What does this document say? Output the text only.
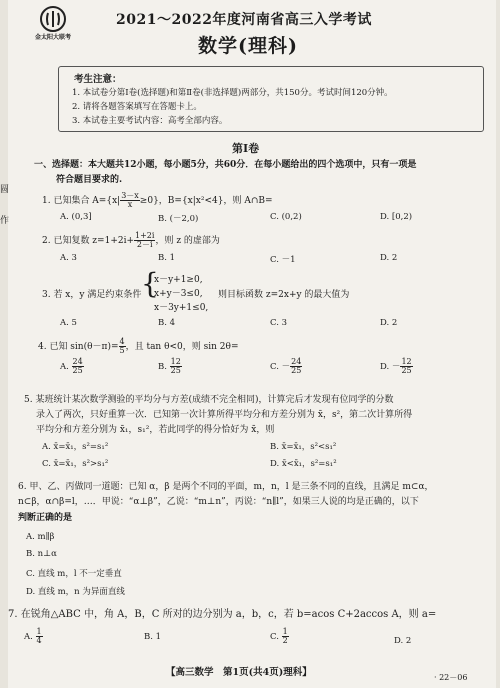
金太阳大联考
2021～2022年度河南省高三入学考试
数学(理科)
考生注意：
1. 本试卷分第Ⅰ卷(选择题)和第Ⅱ卷(非选择题)两部分，共150分。考试时间120分钟。
2. 请将各题答案填写在答题卡上。
3. 本试卷主要考试内容：高考全部内容。
第Ⅰ卷
一、选择题：本大题共12小题，每小题5分，共60分．在每小题给出的四个选项中，只有一项是
符合题目要求的.
1. 已知集合 $A=\{x| \frac{3-x}{x} \ge 0\}$，B={x|x²<4}，则 A∩B=
A. (0,3]	B. (－2,0)	C. (0,2)	D. [0,2)
2. 已知复数 $z=1+2i+ \frac{1+2i}{2-i}$ ，则 z 的虚部为
A. 3	B. 1	C. －1	D. 2
3. 若 x，y 满足约束条件 {
x－y+1≥0,
x+y－3≤0,
x－3y+1≤0,
则目标函数 z=2x+y 的最大值为
A. 5	B. 4	C. 3	D. 2
4. 已知 $\sin(\theta-\pi)= \frac{4}{5}$ ，且 tan θ<0，则 sin 2θ=
A. $\frac{24}{25}$	B. $\frac{12}{25}$	C. － $\frac{24}{25}$	D. － $\frac{12}{25}$
5. 某班统计某次数学测验的平均分与方差(成绩不完全相同)，计算完后才发现有位同学的分数
录入了两次，只好重算一次．已知第一次计算所得平均分和方差分别为 x̄，s²，第二次计算所得
平均分和方差分别为 x̄₁，s₁²，若此同学的得分恰好为 x̄，则
A. x̄=x̄₁，s²=s₁²	B. x̄=x̄₁，s²<s₁²
C. x̄=x̄₁，s²>s₁²	D. x̄<x̄₁，s²=s₁²
6. 甲、乙、丙做同一道题：已知 α，β 是两个不同的平面，m，n，l 是三条不同的直线，且满足 m⊂α，
n⊂β，α∩β=l，…．甲说：“α⊥β”，乙说：“m⊥n”，丙说：“n∥l”，如果三人说的均是正确的，以下
判断正确的是
A. m∥β
B. n⊥α
C. 直线 m，l 不一定垂直
D. 直线 m，n 为异面直线
7. 在锐角△ABC 中，角 A，B，C 所对的边分别为 a，b，c，若 b=acos C+2accos A，则 a=
A. $\frac{1}{4}$	B. 1	C. $\frac{1}{2}$	D. 2
【高三数学　第1页(共4页)理科】	· 22－06
圆
作
